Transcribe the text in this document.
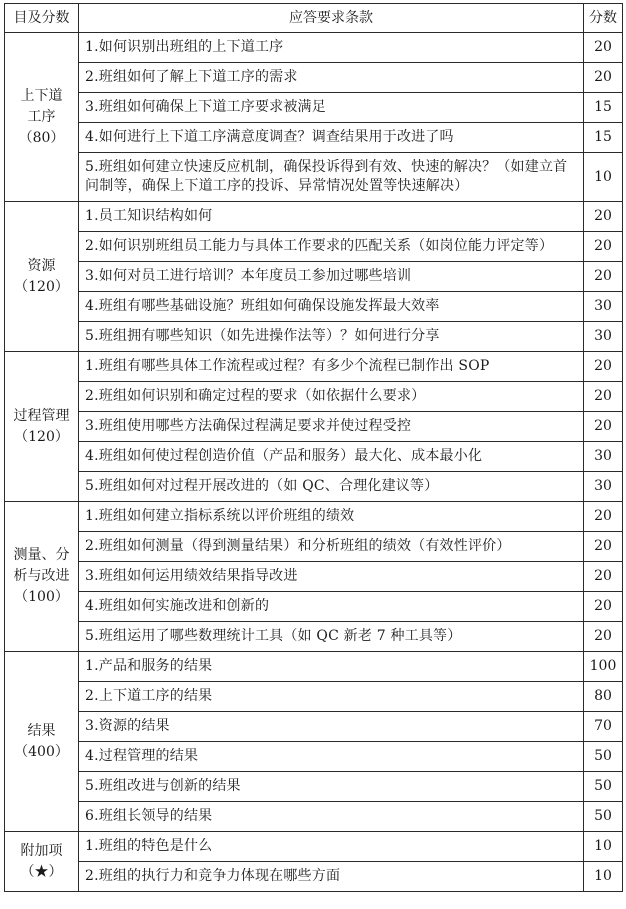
目及分数	应答要求条款	分数

上下道
工序
（80）	1.如何识别出班组的上下道工序	20
	2.班组如何了解上下道工序的需求	20
	3.班组如何确保上下道工序要求被满足	15
	4.如何进行上下道工序满意度调查？调查结果用于改进了吗	15
	5.班组如何建立快速反应机制，确保投诉得到有效、快速的解决？（如建立首问制等，确保上下道工序的投诉、异常情况处置等快速解决）	10

资源
（120）	1.员工知识结构如何	20
	2.如何识别班组员工能力与具体工作要求的匹配关系（如岗位能力评定等）	20
	3.如何对员工进行培训？本年度员工参加过哪些培训	20
	4.班组有哪些基础设施？班组如何确保设施发挥最大效率	30
	5.班组拥有哪些知识（如先进操作法等）？如何进行分享	30

过程管理
（120）	1.班组有哪些具体工作流程或过程？有多少个流程已制作出 SOP	20
	2.班组如何识别和确定过程的要求（如依据什么要求）	20
	3.班组使用哪些方法确保过程满足要求并使过程受控	20
	4.班组如何使过程创造价值（产品和服务）最大化、成本最小化	30
	5.班组如何对过程开展改进的（如 QC、合理化建议等）	30

测量、分
析与改进
（100）	1.班组如何建立指标系统以评价班组的绩效	20
	2.班组如何测量（得到测量结果）和分析班组的绩效（有效性评价）	20
	3.班组如何运用绩效结果指导改进	20
	4.班组如何实施改进和创新的	20
	5.班组运用了哪些数理统计工具（如 QC 新老 7 种工具等）	20

结果
（400）	1.产品和服务的结果	100
	2.上下道工序的结果	80
	3.资源的结果	70
	4.过程管理的结果	50
	5.班组改进与创新的结果	50
	6.班组长领导的结果	50

附加项
（★）	1.班组的特色是什么	10
	2.班组的执行力和竞争力体现在哪些方面	10
